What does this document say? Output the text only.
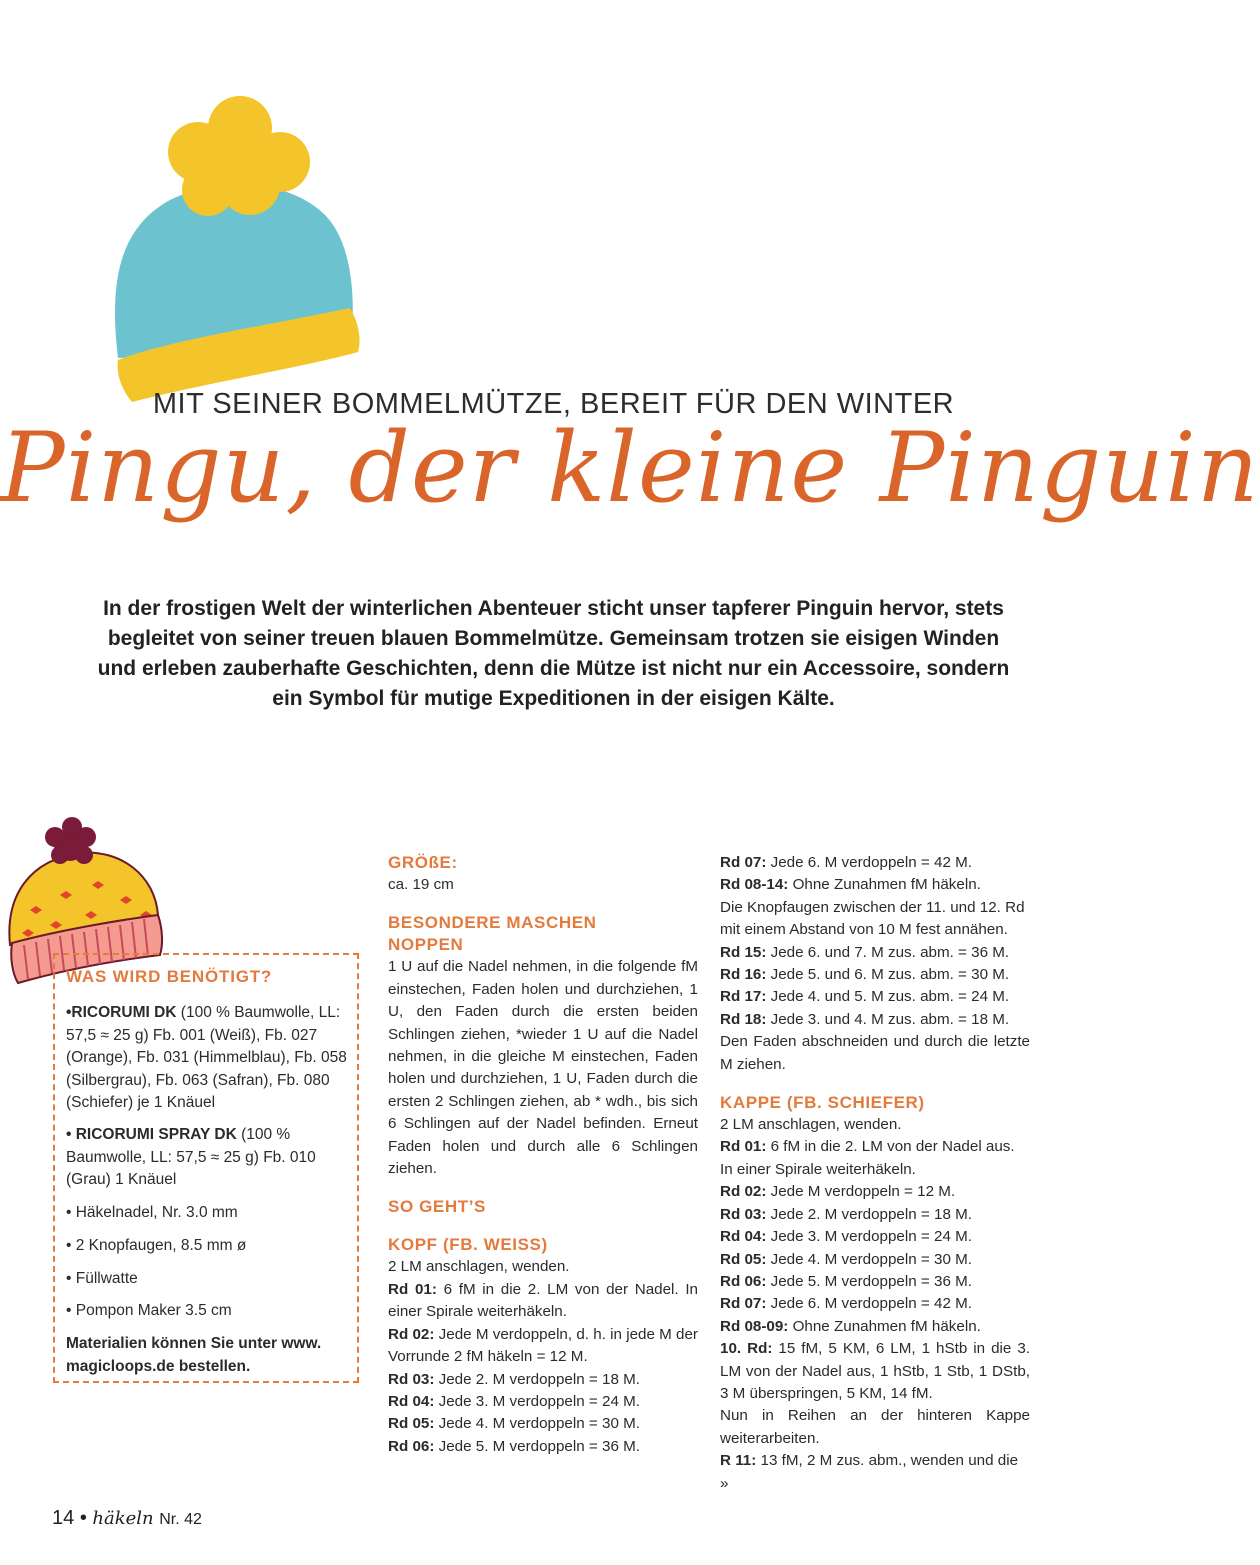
MIT SEINER BOMMELMÜTZE, BEREIT FÜR DEN WINTER
Pingu, der kleine Pinguin

In der frostigen Welt der winterlichen Abenteuer sticht unser tapferer Pinguin hervor, stets

begleitet von seiner treuen blauen Bommelmütze. Gemeinsam trotzen sie eisigen Winden

und erleben zauberhafte Geschichten, denn die Mütze ist nicht nur ein Accessoire, sondern

ein Symbol für mutige Expeditionen in der eisigen Kälte.

WAS WIRD BENÖTIGT?
•RICORUMI DK (100 % Baumwolle, LL: 57,5 ≈ 25 g) Fb. 001 (Weiß), Fb. 027 (Orange), Fb. 031 (Himmelblau), Fb. 058 (Silbergrau), Fb. 063 (Safran), Fb. 080 (Schiefer) je 1 Knäuel
• RICORUMI SPRAY DK (100 % Baumwolle, LL: 57,5 ≈ 25 g) Fb. 010 (Grau) 1 Knäuel
• Häkelnadel, Nr. 3.0 mm
• 2 Knopfaugen, 8.5 mm ø
• Füllwatte
• Pompon Maker 3.5 cm
Materialien können Sie unter www. magicloops.de bestellen.

GRÖßE:

ca. 19 cm

BESONDERE MASCHEN

NOPPEN

1 U auf die Nadel nehmen, in die folgende fM einstechen, Faden holen und durchziehen, 1 U, den Faden durch die ersten beiden Schlingen ziehen, *wieder 1 U auf die Nadel nehmen, in die gleiche M einstechen, Faden holen und durchziehen, 1 U, Faden durch die ersten 2 Schlingen ziehen, ab * wdh., bis sich 6 Schlingen auf der Nadel befinden. Erneut Faden holen und durch alle 6 Schlingen ziehen.

SO GEHT’S

KOPF (FB. WEISS)

2 LM anschlagen, wenden.

Rd 01: 6 fM in die 2. LM von der Nadel. In einer Spirale weiterhäkeln.

Rd 02: Jede M verdoppeln, d. h. in jede M der Vorrunde 2 fM häkeln = 12 M.

Rd 03: Jede 2. M verdoppeln = 18 M.

Rd 04: Jede 3. M verdoppeln = 24 M.

Rd 05: Jede 4. M verdoppeln = 30 M.

Rd 06: Jede 5. M verdoppeln = 36 M.

Rd 07: Jede 6. M verdoppeln = 42 M.

Rd 08-14: Ohne Zunahmen fM häkeln.

Die Knopfaugen zwischen der 11. und 12. Rd mit einem Abstand von 10 M fest annähen.

Rd 15: Jede 6. und 7. M zus. abm. = 36 M.

Rd 16: Jede 5. und 6. M zus. abm. = 30 M.

Rd 17: Jede 4. und 5. M zus. abm. = 24 M.

Rd 18: Jede 3. und 4. M zus. abm. = 18 M.

Den Faden abschneiden und durch die letzte M ziehen.

KAPPE (FB. SCHIEFER)

2 LM anschlagen, wenden.

Rd 01: 6 fM in die 2. LM von der Nadel aus. In einer Spirale weiterhäkeln.

Rd 02: Jede M verdoppeln = 12 M.

Rd 03: Jede 2. M verdoppeln = 18 M.

Rd 04: Jede 3. M verdoppeln = 24 M.

Rd 05: Jede 4. M verdoppeln = 30 M.

Rd 06: Jede 5. M verdoppeln = 36 M.

Rd 07: Jede 6. M verdoppeln = 42 M.

Rd 08-09: Ohne Zunahmen fM häkeln.

10. Rd: 15 fM, 5 KM, 6 LM, 1 hStb in die 3. LM von der Nadel aus, 1 hStb, 1 Stb, 1 DStb, 3 M überspringen, 5 KM, 14 fM.

Nun in Reihen an der hinteren Kappe weiterarbeiten.

R 11: 13 fM, 2 M zus. abm., wenden und die »

14 • häkeln Nr. 42
